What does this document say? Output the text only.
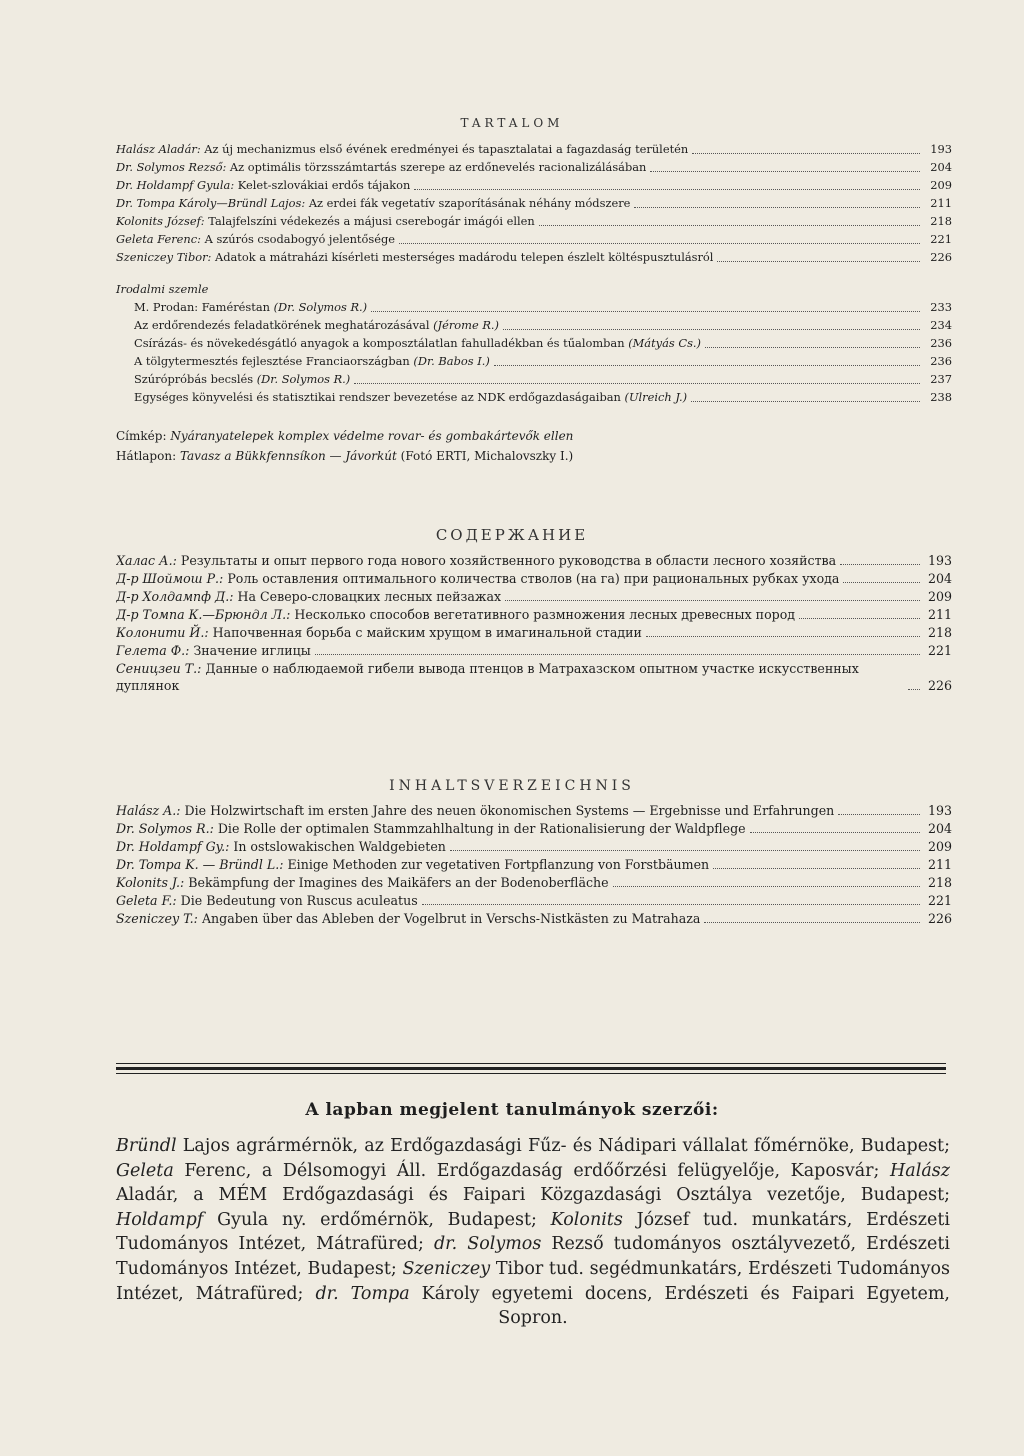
TARTALOM
Halász Aladár: Az új mechanizmus első évének eredményei és tapasztalatai a fagazdaság területén	193
Dr. Solymos Rezső: Az optimális törzsszámtartás szerepe az erdőnevelés racionalizálásában	204
Dr. Holdampf Gyula: Kelet-szlovákiai erdős tájakon	209
Dr. Tompa Károly—Bründl Lajos: Az erdei fák vegetatív szaporításának néhány módszere	211
Kolonits József: Talajfelszíni védekezés a májusi cserebogár imágói ellen	218
Geleta Ferenc: A szúrós csodabogyó jelentősége	221
Szeniczey Tibor: Adatok a mátraházi kísérleti mesterséges madárodu telepen észlelt költéspusztulásról	226
Irodalmi szemle
M. Prodan: Faméréstan (Dr. Solymos R.)	233
Az erdőrendezés feladatkörének meghatározásával (Jérome R.)	234
Csírázás- és növekedésgátló anyagok a komposztálatlan fahulladékban és tűalomban (Mátyás Cs.)	236
A tölgytermesztés fejlesztése Franciaországban (Dr. Babos I.)	236
Szúrópróbás becslés (Dr. Solymos R.)	237
Egységes könyvelési és statisztikai rendszer bevezetése az NDK erdőgazdaságaiban (Ulreich J.)	238
Címkép: Nyáranyatelepek komplex védelme rovar- és gombakártevők ellen
Hátlapon: Tavasz a Bükkfennsíkon — Jávorkút (Fotó ERTI, Michalovszky I.)
СОДЕРЖАНИЕ
Халас А.: Результаты и опыт первого года нового хозяйственного руководства в области лесного хозяйства	193
Д-р Шоймош Р.: Роль оставления оптимального количества стволов (на га) при рациональных рубках ухода	204
Д-р Холдампф Д.: На Северо-словацких лесных пейзажах	209
Д-р Томпа К.—Брюндл Л.: Несколько способов вегетативного размножения лесных древесных пород	211
Колонити Й.: Напочвенная борьба с майским хрущом в имагинальной стадии	218
Гелета Ф.: Значение иглицы	221
Сеницзеи Т.: Данные о наблюдаемой гибели вывода птенцов в Матрахазском опытном участке искусственных дуплянок	226
INHALTSVERZEICHNIS
Halász A.: Die Holzwirtschaft im ersten Jahre des neuen ökonomischen Systems — Ergebnisse und Erfahrungen	193
Dr. Solymos R.: Die Rolle der optimalen Stammzahlhaltung in der Rationalisierung der Waldpflege	204
Dr. Holdampf Gy.: In ostslowakischen Waldgebieten	209
Dr. Tompa K. — Bründl L.: Einige Methoden zur vegetativen Fortpflanzung von Forstbäumen	211
Kolonits J.: Bekämpfung der Imagines des Maikäfers an der Bodenoberfläche	218
Geleta F.: Die Bedeutung von Ruscus aculeatus	221
Szeniczey T.: Angaben über das Ableben der Vogelbrut in Verschs-Nistkästen zu Matrahaza	226
A lapban megjelent tanulmányok szerzői:
Bründl Lajos agrármérnök, az Erdőgazdasági Fűz- és Nádipari vállalat főmérnöke, Budapest; Geleta Ferenc, a Délsomogyi Áll. Erdőgazdaság erdőőrzési felügyelője, Kaposvár; Halász Aladár, a MÉM Erdőgazdasági és Faipari Közgazdasági Osztálya vezetője, Budapest; Holdampf Gyula ny. erdőmérnök, Budapest; Kolonits József tud. munkatárs, Erdészeti Tudományos Intézet, Mátrafüred; dr. Solymos Rezső tudományos osztályvezető, Erdészeti Tudományos Intézet, Budapest; Szeniczey Tibor tud. segédmunkatárs, Erdészeti Tudományos Intézet, Mátrafüred; dr. Tompa Károly egyetemi docens, Erdészeti és Faipari Egyetem, Sopron.
